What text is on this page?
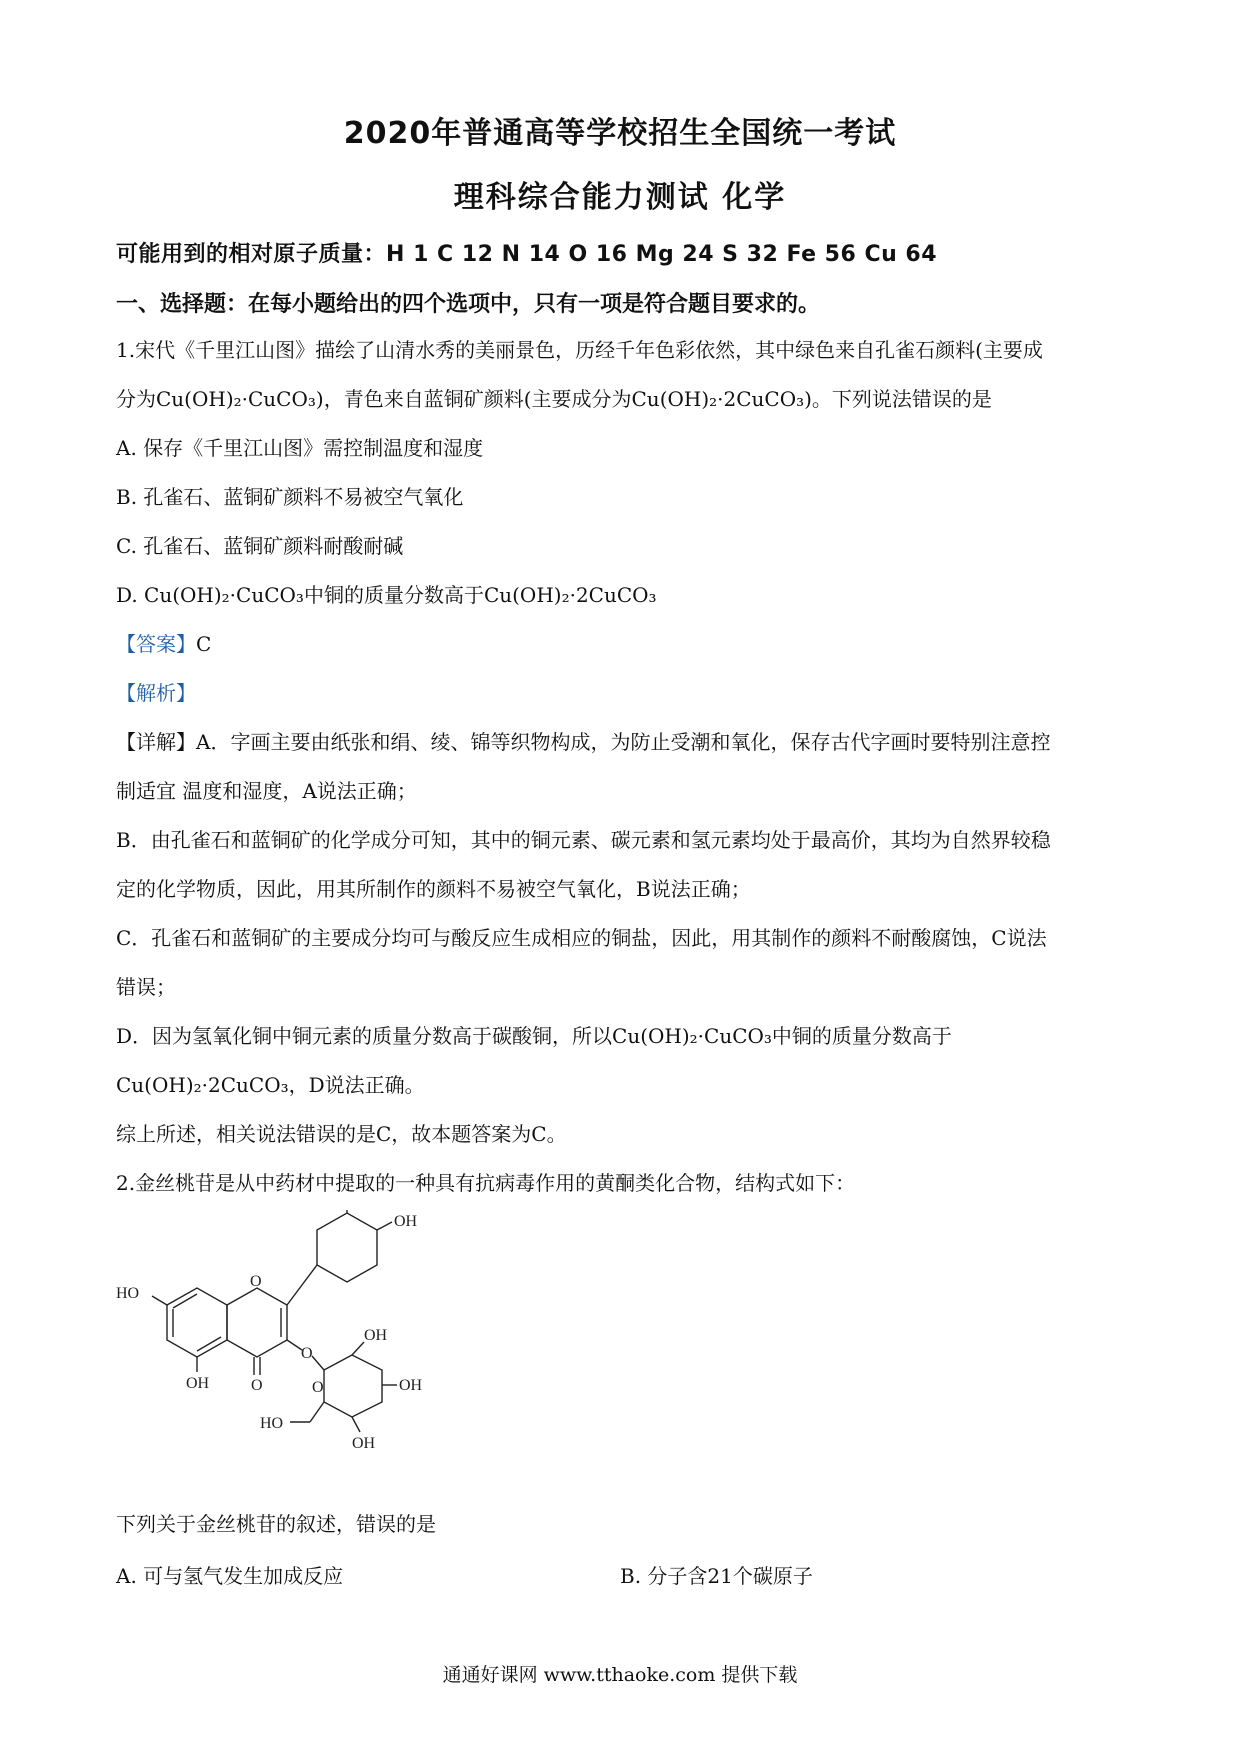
2020年普通高等学校招生全国统一考试
理科综合能力测试 化学
可能用到的相对原子质量：H 1 C 12 N 14 O 16 Mg 24 S 32 Fe 56 Cu 64
一、选择题：在每小题给出的四个选项中，只有一项是符合题目要求的。
1.宋代《千里江山图》描绘了山清水秀的美丽景色，历经千年色彩依然，其中绿色来自孔雀石颜料(主要成
分为Cu(OH)₂·CuCO₃)，青色来自蓝铜矿颜料(主要成分为Cu(OH)₂·2CuCO₃)。下列说法错误的是
A. 保存《千里江山图》需控制温度和湿度
B. 孔雀石、蓝铜矿颜料不易被空气氧化
C. 孔雀石、蓝铜矿颜料耐酸耐碱
D. Cu(OH)₂·CuCO₃中铜的质量分数高于Cu(OH)₂·2CuCO₃
【答案】C
【解析】
【详解】A．字画主要由纸张和绢、绫、锦等织物构成，为防止受潮和氧化，保存古代字画时要特别注意控
制适宜 温度和湿度，A说法正确；
B．由孔雀石和蓝铜矿的化学成分可知，其中的铜元素、碳元素和氢元素均处于最高价，其均为自然界较稳
定的化学物质，因此，用其所制作的颜料不易被空气氧化，B说法正确；
C．孔雀石和蓝铜矿的主要成分均可与酸反应生成相应的铜盐，因此，用其制作的颜料不耐酸腐蚀，C说法
错误；
D．因为氢氧化铜中铜元素的质量分数高于碳酸铜，所以Cu(OH)₂·CuCO₃中铜的质量分数高于
Cu(OH)₂·2CuCO₃，D说法正确。
综上所述，相关说法错误的是C，故本题答案为C。
2.金丝桃苷是从中药材中提取的一种具有抗病毒作用的黄酮类化合物，结构式如下：
OH
HO
OH
O
O
O
OH
OH
OH
O
HO
下列关于金丝桃苷的叙述，错误的是
A. 可与氢气发生加成反应	B. 分子含21个碳原子
通通好课网 www.tthaoke.com 提供下载
